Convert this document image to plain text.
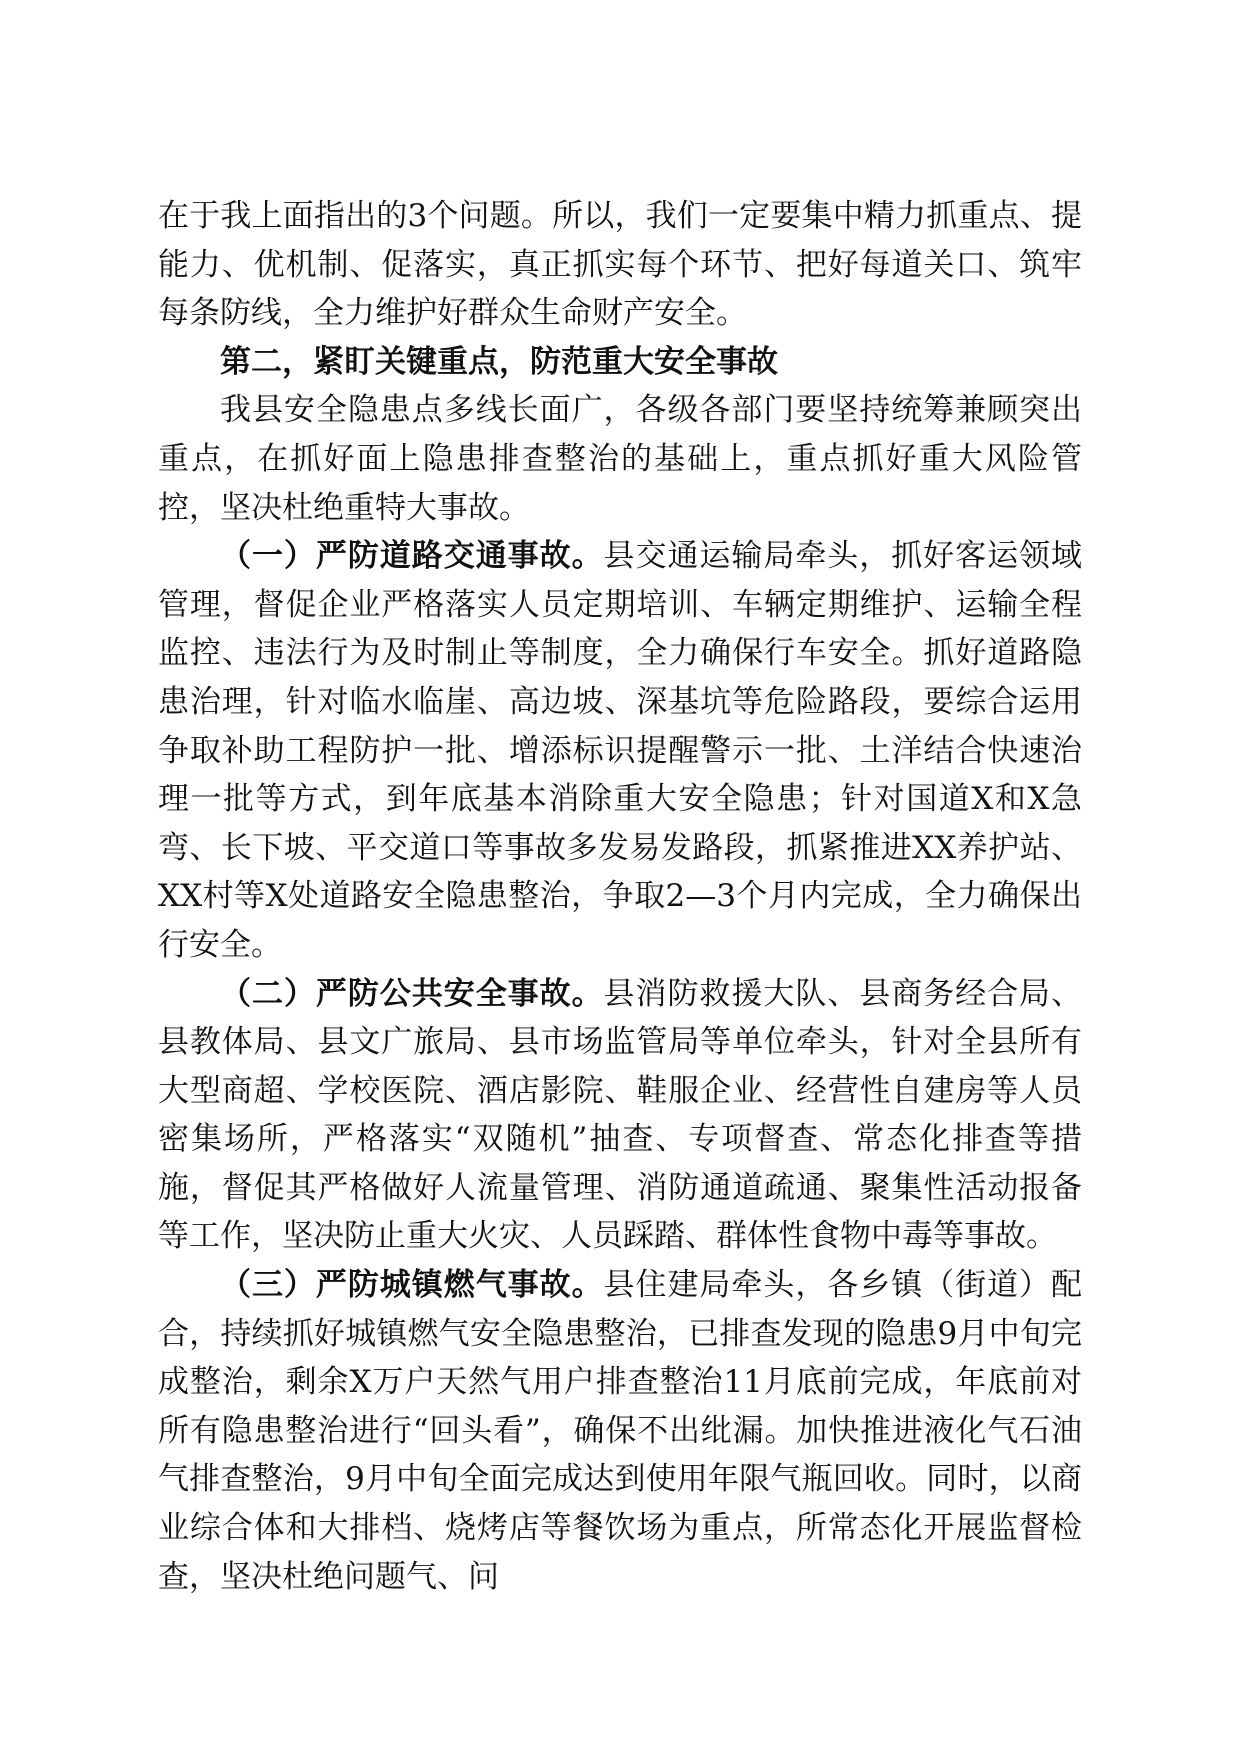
在于我上面指出的3个问题。所以，我们一定要集中精力抓重点、提能力、优机制、促落实，真正抓实每个环节、把好每道关口、筑牢每条防线，全力维护好群众生命财产安全。

第二，紧盯关键重点，防范重大安全事故

我县安全隐患点多线长面广，各级各部门要坚持统筹兼顾突出重点，在抓好面上隐患排查整治的基础上，重点抓好重大风险管控，坚决杜绝重特大事故。

（一）严防道路交通事故。县交通运输局牵头，抓好客运领域管理，督促企业严格落实人员定期培训、车辆定期维护、运输全程监控、违法行为及时制止等制度，全力确保行车安全。抓好道路隐患治理，针对临水临崖、高边坡、深基坑等危险路段，要综合运用争取补助工程防护一批、增添标识提醒警示一批、土洋结合快速治理一批等方式，到年底基本消除重大安全隐患；针对国道X和X急弯、长下坡、平交道口等事故多发易发路段，抓紧推进XX养护站、XX村等X处道路安全隐患整治，争取2—3个月内完成，全力确保出行安全。

（二）严防公共安全事故。县消防救援大队、县商务经合局、县教体局、县文广旅局、县市场监管局等单位牵头，针对全县所有大型商超、学校医院、酒店影院、鞋服企业、经营性自建房等人员密集场所，严格落实“双随机”抽查、专项督查、常态化排查等措施，督促其严格做好人流量管理、消防通道疏通、聚集性活动报备等工作，坚决防止重大火灾、人员踩踏、群体性食物中毒等事故。

（三）严防城镇燃气事故。县住建局牵头，各乡镇（街道）配合，持续抓好城镇燃气安全隐患整治，已排查发现的隐患9月中旬完成整治，剩余X万户天然气用户排查整治11月底前完成，年底前对所有隐患整治进行“回头看”，确保不出纰漏。加快推进液化气石油气排查整治，9月中旬全面完成达到使用年限气瓶回收。同时，以商业综合体和大排档、烧烤店等餐饮场为重点，所常态化开展监督检查，坚决杜绝问题气、问
